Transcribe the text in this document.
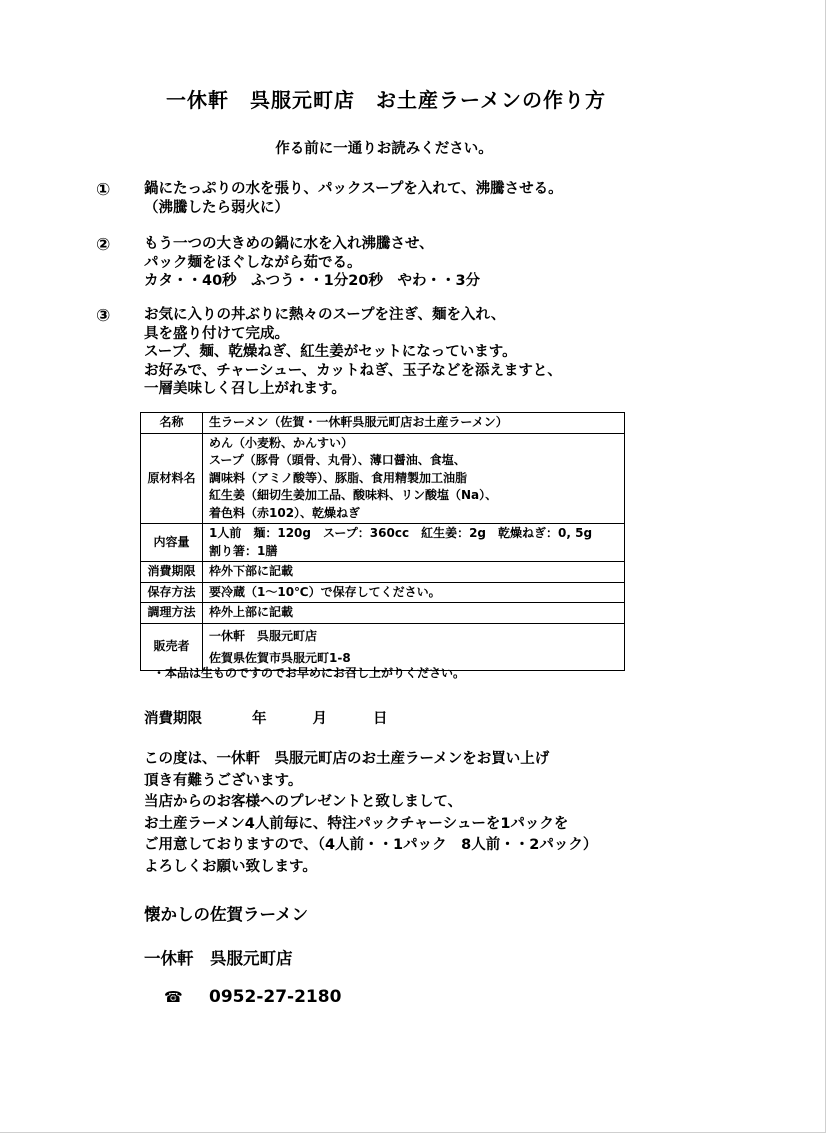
一休軒　呉服元町店　お土産ラーメンの作り方
作る前に一通りお読みください。
① 鍋にたっぷりの水を張り、パックスープを入れて、沸騰させる。
（沸騰したら弱火に）
② もう一つの大きめの鍋に水を入れ沸騰させ、
パック麺をほぐしながら茹でる。
カタ・・40秒　ふつう・・1分20秒　やわ・・3分
③ お気に入りの丼ぶりに熱々のスープを注ぎ、麺を入れ、
具を盛り付けて完成。
スープ、麺、乾燥ねぎ、紅生姜がセットになっています。
お好みで、チャーシュー、カットねぎ、玉子などを添えますと、
一層美味しく召し上がれます。
名称	生ラーメン（佐賀・一休軒呉服元町店お土産ラーメン）
原材料名	めん（小麦粉、かんすい）
スープ（豚骨（頭骨、丸骨）、薄口醤油、食塩、
調味料（アミノ酸等）、豚脂、食用精製加工油脂
紅生姜（細切生姜加工品、酸味料、リン酸塩（Na）、
着色料（赤102）、乾燥ねぎ

内容量	1人前　麺：120g　スープ：360cc　紅生姜：2g　乾燥ねぎ：0, 5g
割り箸：1膳

消費期限	枠外下部に記載
保存方法	要冷蔵（1～10℃）で保存してください。
調理方法	枠外上部に記載
販売者	一休軒　呉服元町店
佐賀県佐賀市呉服元町1-8
・本品は生ものですのでお早めにお召し上がりください。
消費期限	年	月	日
この度は、一休軒　呉服元町店のお土産ラーメンをお買い上げ
頂き有難うございます。
当店からのお客様へのプレゼントと致しまして、
お土産ラーメン4人前毎に、特注パックチャーシューを1パックを
ご用意しておりますので、（4人前・・1パック　8人前・・2パック）
よろしくお願い致します。
懐かしの佐賀ラーメン
一休軒　呉服元町店
☎ 0952-27-2180
